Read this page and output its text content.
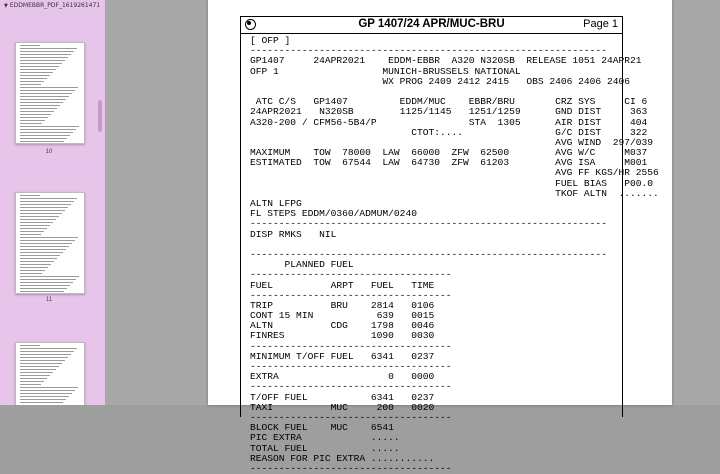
▼ EDDMEBBR_PDF_1619261471
10
11
GP 1407/24 APR/MUC-BRU	Page 1
[ OFP ]
--------------------------------------------------------------
GP1407     24APR2021    EDDM-EBBR  A320 N320SB  RELEASE 1051 24APR21
OFP 1                  MUNICH-BRUSSELS NATIONAL
WX PROG 2409 2412 2415   OBS 2406 2406 2406
ATC C/S   GP1407         EDDM/MUC    EBBR/BRU       CRZ SYS     CI 6
24APR2021   N320SB        1125/1145   1251/1259      GND DIST     363
A320-200 / CFM56-5B4/P                STA  1305      AIR DIST     404
CTOT:....                G/C DIST     322
AVG WIND  297/039
MAXIMUM    TOW  78000  LAW  66000  ZFW  62500        AVG W/C     M037
ESTIMATED  TOW  67544  LAW  64730  ZFW  61203        AVG ISA     M001
AVG FF KGS/HR 2556
FUEL BIAS   P00.0
TKOF ALTN  .......
ALTN LFPG
FL STEPS EDDM/0360/ADMUM/0240
--------------------------------------------------------------
DISP RMKS   NIL
--------------------------------------------------------------
PLANNED FUEL
-----------------------------------
FUEL          ARPT   FUEL   TIME
-----------------------------------
TRIP          BRU    2814   0106
CONT 15 MIN           639   0015
ALTN          CDG    1798   0046
FINRES               1090   0030
-----------------------------------
MINIMUM T/OFF FUEL   6341   0237
-----------------------------------
EXTRA                   0   0000
-----------------------------------
T/OFF FUEL           6341   0237
TAXI          MUC     200   0020
-----------------------------------
BLOCK FUEL    MUC    6541
PIC EXTRA            .....
TOTAL FUEL           .....
REASON FOR PIC EXTRA ...........
-----------------------------------
